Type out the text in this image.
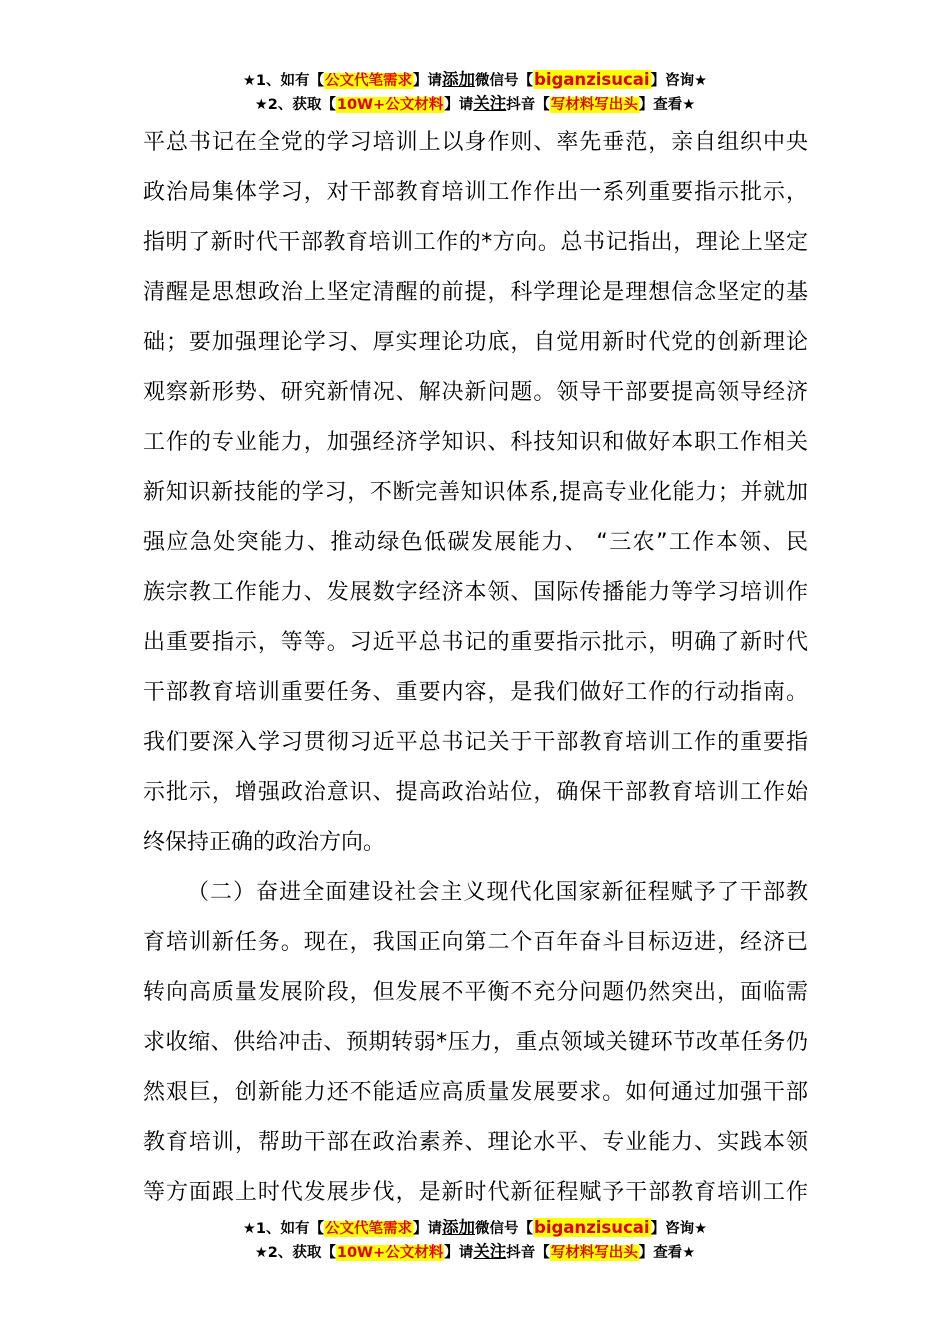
★1、如有【公文代笔需求】请添加微信号【biganzisucai】咨询★
★2、获取【10W+公文材料】请关注抖音【写材料写出头】查看★
平总书记在全党的学习培训上以身作则、率先垂范，亲自组织中央
政治局集体学习，对干部教育培训工作作出一系列重要指示批示，
指明了新时代干部教育培训工作的*方向。总书记指出，理论上坚定
清醒是思想政治上坚定清醒的前提，科学理论是理想信念坚定的基
础；要加强理论学习、厚实理论功底，自觉用新时代党的创新理论
观察新形势、研究新情况、解决新问题。领导干部要提高领导经济
工作的专业能力，加强经济学知识、科技知识和做好本职工作相关
新知识新技能的学习，不断完善知识体系,提高专业化能力；并就加
强应急处突能力、推动绿色低碳发展能力、 “三农”工作本领、民
族宗教工作能力、发展数字经济本领、国际传播能力等学习培训作
出重要指示，等等。习近平总书记的重要指示批示，明确了新时代
干部教育培训重要任务、重要内容，是我们做好工作的行动指南。
我们要深入学习贯彻习近平总书记关于干部教育培训工作的重要指
示批示，增强政治意识、提高政治站位，确保干部教育培训工作始
终保持正确的政治方向。
（二）奋进全面建设社会主义现代化国家新征程赋予了干部教
育培训新任务。现在，我国正向第二个百年奋斗目标迈进，经济已
转向高质量发展阶段，但发展不平衡不充分问题仍然突出，面临需
求收缩、供给冲击、预期转弱*压力，重点领域关键环节改革任务仍
然艰巨，创新能力还不能适应高质量发展要求。如何通过加强干部
教育培训，帮助干部在政治素养、理论水平、专业能力、实践本领
等方面跟上时代发展步伐，是新时代新征程赋予干部教育培训工作
★1、如有【公文代笔需求】请添加微信号【biganzisucai】咨询★
★2、获取【10W+公文材料】请关注抖音【写材料写出头】查看★
